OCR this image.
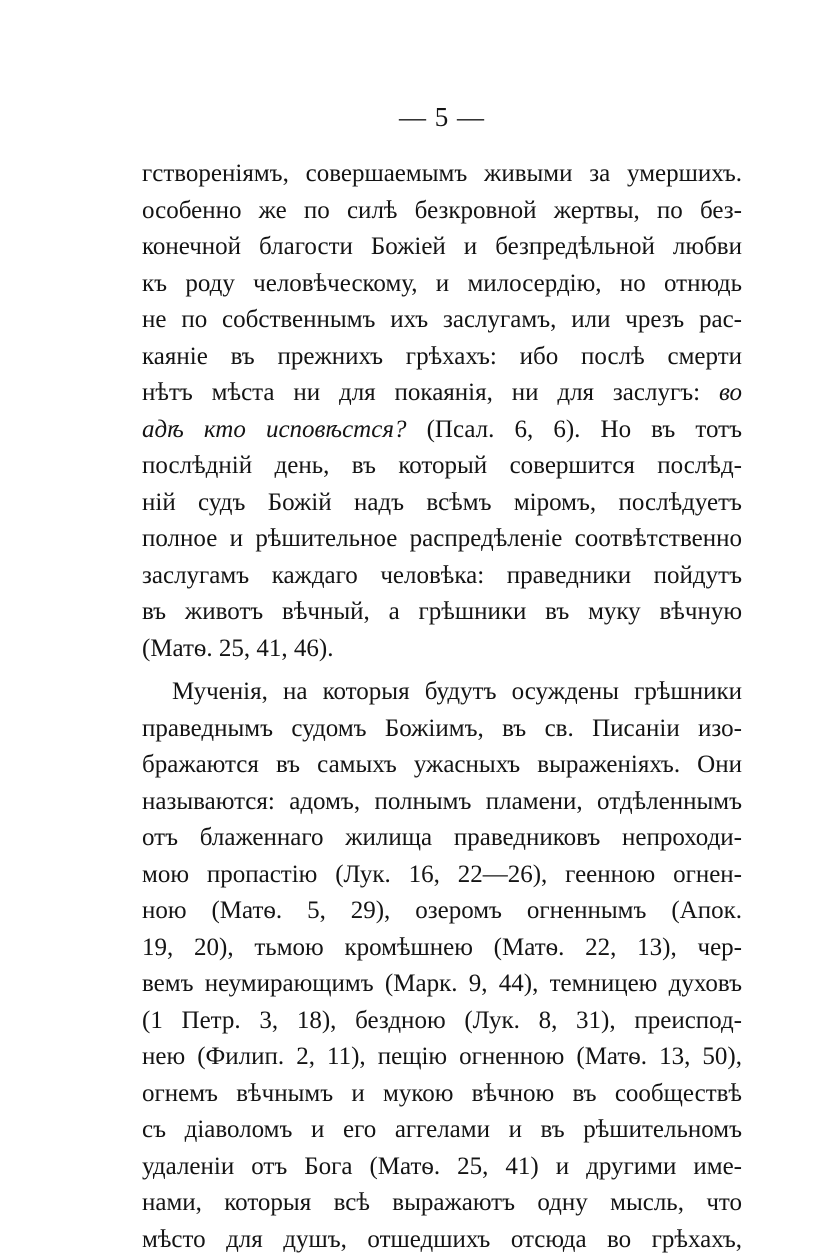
— 5 —
гствореніямъ, совершаемымъ живыми за умершихъ.
особенно же по силѣ безкровной жертвы, по без-
конечной благости Божіей и безпредѣльной любви
къ роду человѣческому, и милосердію, но отнюдь
не по собственнымъ ихъ заслугамъ, или чрезъ рас-
каяніе въ прежнихъ грѣхахъ: ибо послѣ смерти
нѣтъ мѣста ни для покаянія, ни для заслугъ: во
адѣ кто исповѣстся? (Псал. 6, 6). Но въ тотъ
послѣдній день, въ который совершится послѣд-
ній судъ Божій надъ всѣмъ міромъ, послѣдуетъ
полное и рѣшительное распредѣленіе соотвѣтственно
заслугамъ каждаго человѣка: праведники пойдутъ
въ животъ вѣчный, а грѣшники въ муку вѣчную
(Матѳ. 25, 41, 46).
Мученія, на которыя будутъ осуждены грѣшники
праведнымъ судомъ Божіимъ, въ св. Писаніи изо-
бражаются въ самыхъ ужасныхъ выраженіяхъ. Они
называются: адомъ, полнымъ пламени, отдѣленнымъ
отъ блаженнаго жилища праведниковъ непроходи-
мою пропастію (Лук. 16, 22—26), геенною огнен-
ною (Матѳ. 5, 29), озеромъ огненнымъ (Апок.
19, 20), тьмою кромѣшнею (Матѳ. 22, 13), чер-
вемъ неумирающимъ (Марк. 9, 44), темницею духовъ
(1 Петр. 3, 18), безднoю (Лук. 8, 31), преиспод-
нею (Филип. 2, 11), пещію огненною (Матѳ. 13, 50),
огнемъ вѣчнымъ и мукою вѣчною въ сообществѣ
съ діаволомъ и его аггелами и въ рѣшительномъ
удаленіи отъ Бога (Матѳ. 25, 41) и другими име-
нами, которыя всѣ выражаютъ одну мысль, что
мѣсто для душъ, отшедшихъ отсюда во грѣхахъ,
